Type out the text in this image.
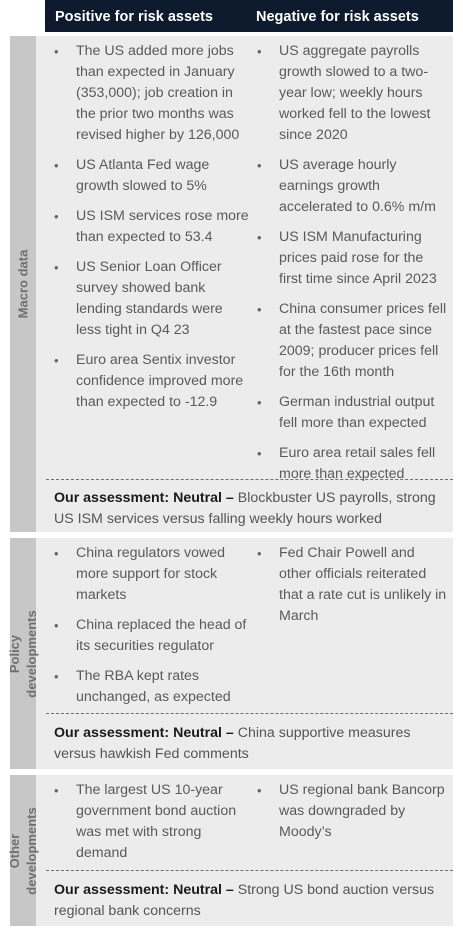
Positive for risk assets	Negative for risk assets
Macro data
• The US added more jobs than expected in January (353,000); job creation in the prior two months was revised higher by 126,000
• US Atlanta Fed wage growth slowed to 5%
• US ISM services rose more than expected to 53.4
• US Senior Loan Officer survey showed bank lending standards were less tight in Q4 23
• Euro area Sentix investor confidence improved more than expected to -12.9
• US aggregate payrolls growth slowed to a two-year low; weekly hours worked fell to the lowest since 2020
• US average hourly earnings growth accelerated to 0.6% m/m
• US ISM Manufacturing prices paid rose for the first time since April 2023
• China consumer prices fell at the fastest pace since 2009; producer prices fell for the 16th month
• German industrial output fell more than expected
• Euro area retail sales fell more than expected
Our assessment: Neutral – Blockbuster US payrolls, strong US ISM services versus falling weekly hours worked
Policy developments
• China regulators vowed more support for stock markets
• China replaced the head of its securities regulator
• The RBA kept rates unchanged, as expected
• Fed Chair Powell and other officials reiterated that a rate cut is unlikely in March
Our assessment: Neutral – China supportive measures versus hawkish Fed comments
Other developments
• The largest US 10-year government bond auction was met with strong demand
• US regional bank Bancorp was downgraded by Moody’s
Our assessment: Neutral – Strong US bond auction versus regional bank concerns
